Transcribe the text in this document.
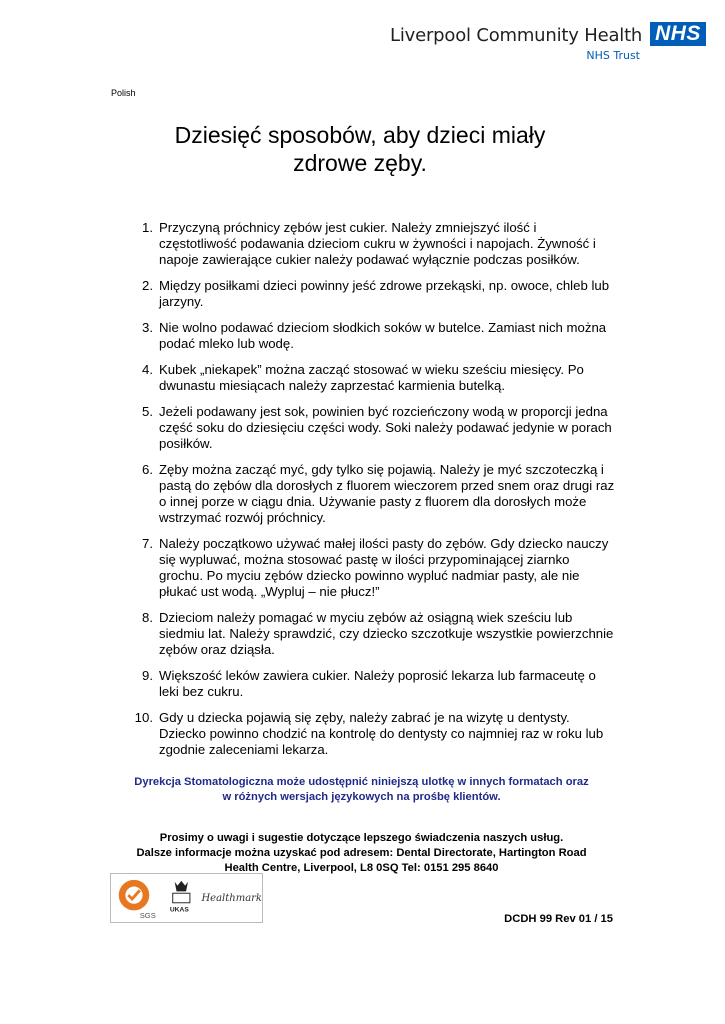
Liverpool Community Health
NHS Trust
NHS
Polish
Dziesięć sposobów, aby dzieci miały
zdrowe zęby.
1. Przyczyną próchnicy zębów jest cukier. Należy zmniejszyć ilość i częstotliwość podawania dzieciom cukru w żywności i napojach. Żywność i napoje zawierające cukier należy podawać wyłącznie podczas posiłków.
2. Między posiłkami dzieci powinny jeść zdrowe przekąski, np. owoce, chleb lub jarzyny.
3. Nie wolno podawać dzieciom słodkich soków w butelce. Zamiast nich można podać mleko lub wodę.
4. Kubek „niekapek” można zacząć stosować w wieku sześciu miesięcy. Po dwunastu miesiącach należy zaprzestać karmienia butelką.
5. Jeżeli podawany jest sok, powinien być rozcieńczony wodą w proporcji jedna część soku do dziesięciu części wody. Soki należy podawać jedynie w porach posiłków.
6. Zęby można zacząć myć, gdy tylko się pojawią. Należy je myć szczoteczką i pastą do zębów dla dorosłych z fluorem wieczorem przed snem oraz drugi raz o innej porze w ciągu dnia. Używanie pasty z fluorem dla dorosłych może wstrzymać rozwój próchnicy.
7. Należy początkowo używać małej ilości pasty do zębów. Gdy dziecko nauczy się wypluwać, można stosować pastę w ilości przypominającej ziarnko grochu. Po myciu zębów dziecko powinno wypluć nadmiar pasty, ale nie płukać ust wodą. „Wypluj – nie płucz!”
8. Dzieciom należy pomagać w myciu zębów aż osiągną wiek sześciu lub siedmiu lat. Należy sprawdzić, czy dziecko szczotkuje wszystkie powierzchnie zębów oraz dziąsła.
9. Większość leków zawiera cukier. Należy poprosić lekarza lub farmaceutę o leki bez cukru.
10. Gdy u dziecka pojawią się zęby, należy zabrać je na wizytę u dentysty. Dziecko powinno chodzić na kontrolę do dentysty co najmniej raz w roku lub zgodnie zaleceniami lekarza.

Dyrekcja Stomatologiczna może udostępnić niniejszą ulotkę w innych formatach oraz
w różnych wersjach językowych na prośbę klientów.

Prosimy o uwagi i sugestie dotyczące lepszego świadczenia naszych usług.
Dalsze informacje można uzyskać pod adresem: Dental Directorate, Hartington Road
Health Centre, Liverpool, L8 0SQ Tel: 0151 295 8640

SGS
UKAS
Healthmark
DCDH 99 Rev 01 / 15
